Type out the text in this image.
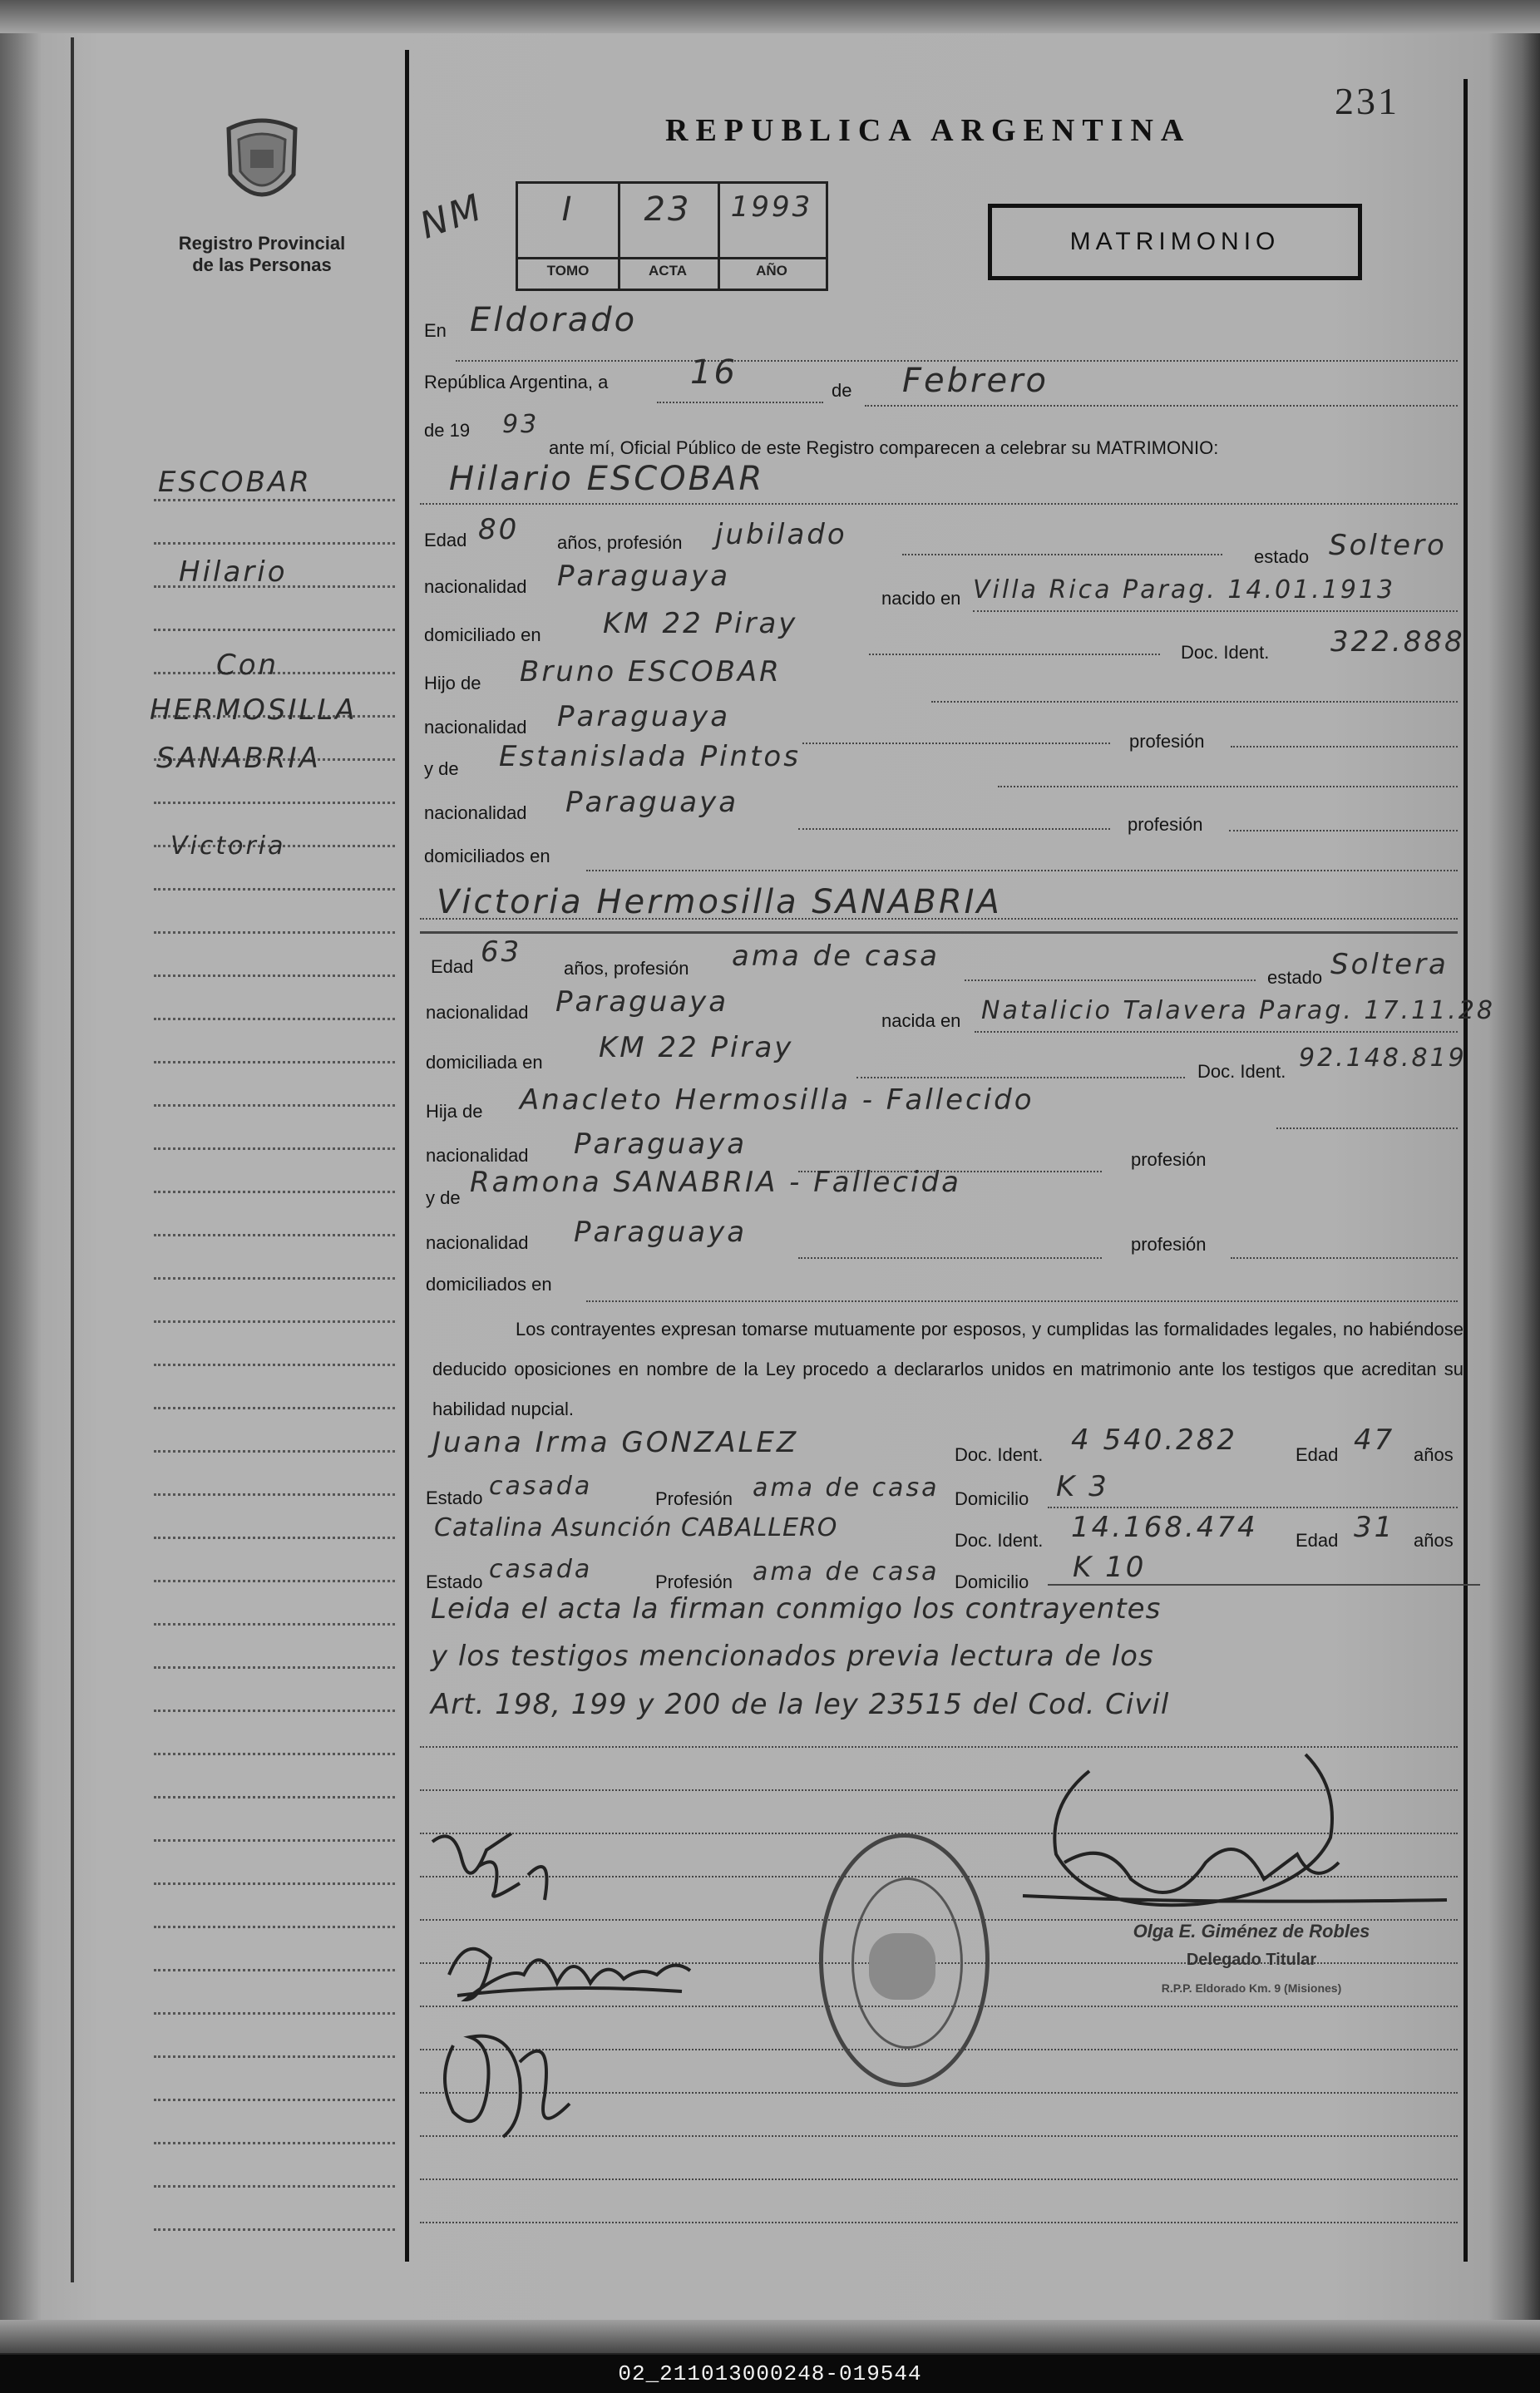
231
REPUBLICA ARGENTINA
NM
Registro Provincial
de las Personas
I
TOMO
23
ACTA
1993
AÑO
MATRIMONIO
ESCOBAR
Hilario
Con
HERMOSILLA
SANABRIA
Victoria
En Eldorado
República Argentina, a 16	de Febrero
de 19 93
ante mí, Oficial Público de este Registro comparecen a celebrar su MATRIMONIO:
Hilario ESCOBAR
Edad 80 años, profesión jubilado
estado Soltero
nacionalidad Paraguaya
nacido en Villa Rica Parag. 14.01.1913
domiciliado en KM 22 Piray
Doc. Ident. 322.888
Hijo de Bruno ESCOBAR
nacionalidad Paraguaya
profesión
y de Estanislada Pintos
nacionalidad Paraguaya
profesión
domiciliados en
Victoria Hermosilla SANABRIA
Edad 63 años, profesión ama de casa
estado Soltera
nacionalidad Paraguaya
nacida en Natalicio Talavera Parag. 17.11.28
domiciliada en KM 22 Piray
Doc. Ident. 92.148.819
Hija de Anacleto Hermosilla - Fallecido
nacionalidad Paraguaya	profesión
y de Ramona SANABRIA - Fallecida
nacionalidad Paraguaya	profesión
domiciliados en
Los contrayentes expresan tomarse mutuamente por esposos, y cumplidas las formalidades legales, no habiéndose deducido oposiciones en nombre de la Ley procedo a declararlos unidos en matrimonio ante los testigos que acreditan su habilidad nupcial.
Juana Irma GONZALEZ	Doc. Ident. 4 540.282	Edad 47 años
Estado casada	Profesión ama de casa Domicilio K 3
Catalina Asunción CABALLERO	Doc. Ident. 14.168.474 Edad 31 años
Estado casada	Profesión ama de casa Domicilio K 10
Leida el acta la firman conmigo los contrayentes
y los testigos mencionados previa lectura de los
Art. 198, 199 y 200 de la ley 23515 del Cod. Civil
Olga E. Giménez de Robles
Delegado Titular
R.P.P. Eldorado Km. 9 (Misiones)
02_211013000248-019544
